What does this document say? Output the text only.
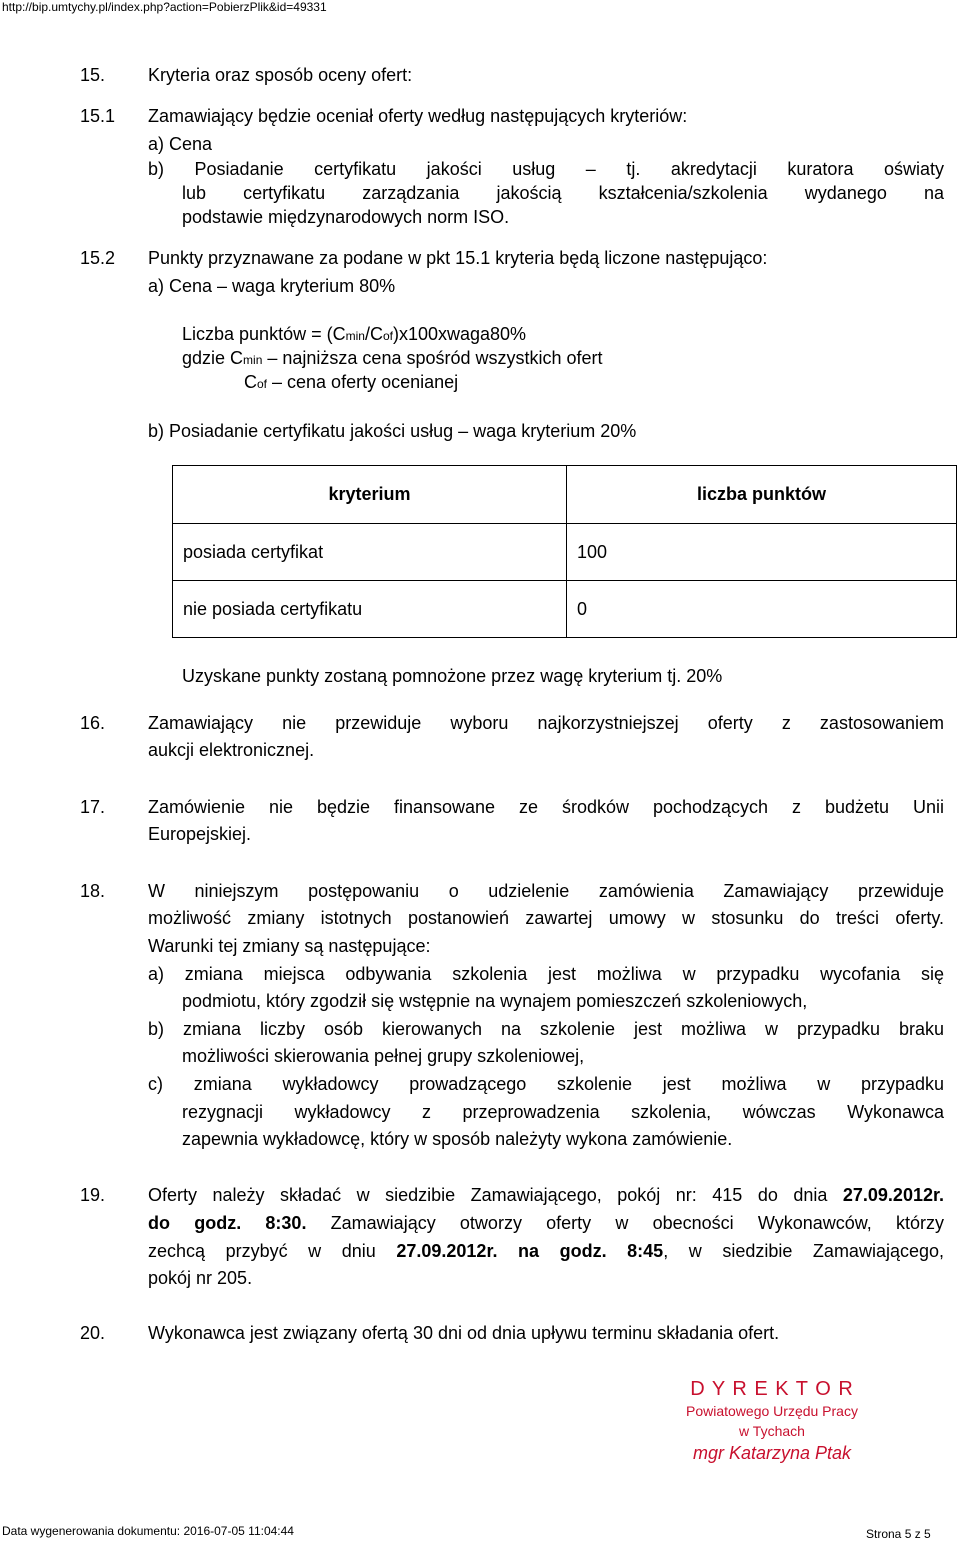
http://bip.umtychy.pl/index.php?action=PobierzPlik&id=49331
15. Kryteria oraz sposób oceny ofert:
15.1 Zamawiający będzie oceniał oferty według następujących kryteriów:
a) Cena
b) Posiadanie certyfikatu jakości usług – tj. akredytacji kuratora oświaty
lub certyfikatu zarządzania jakością kształcenia/szkolenia wydanego na
podstawie międzynarodowych norm ISO.
15.2 Punkty przyznawane za podane w pkt 15.1 kryteria będą liczone następująco:
a) Cena – waga kryterium 80%
Liczba punktów = (Cmin/Cof)x100xwaga80%
gdzie Cmin – najniższa cena spośród wszystkich ofert
Cof – cena oferty ocenianej
b) Posiadanie certyfikatu jakości usług – waga kryterium 20%
kryterium	liczba punktów
posiada certyfikat	100
nie posiada certyfikatu	0
Uzyskane punkty zostaną pomnożone przez wagę kryterium tj. 20%
16. Zamawiający nie przewiduje wyboru najkorzystniejszej oferty z zastosowaniem
aukcji elektronicznej.
17. Zamówienie nie będzie finansowane ze środków pochodzących z budżetu Unii
Europejskiej.
18. W niniejszym postępowaniu o udzielenie zamówienia Zamawiający przewiduje
możliwość zmiany istotnych postanowień zawartej umowy w stosunku do treści oferty.
Warunki tej zmiany są następujące:
a) zmiana miejsca odbywania szkolenia jest możliwa w przypadku wycofania się
podmiotu, który zgodził się wstępnie na wynajem pomieszczeń szkoleniowych,
b) zmiana liczby osób kierowanych na szkolenie jest możliwa w przypadku braku
możliwości skierowania pełnej grupy szkoleniowej,
c) zmiana wykładowcy prowadzącego szkolenie jest możliwa w przypadku
rezygnacji wykładowcy z przeprowadzenia szkolenia, wówczas Wykonawca
zapewnia wykładowcę, który w sposób należyty wykona zamówienie.
19. Oferty należy składać w siedzibie Zamawiającego, pokój nr: 415 do dnia 27.09.2012r.
do godz. 8:30. Zamawiający otworzy oferty w obecności Wykonawców, którzy
zechcą przybyć w dniu 27.09.2012r. na godz. 8:45, w siedzibie Zamawiającego,
pokój nr 205.
20. Wykonawca jest związany ofertą 30 dni od dnia upływu terminu składania ofert.
D Y R E K T O R
Powiatowego Urzędu Pracy
w Tychach
mgr Katarzyna Ptak
Data wygenerowania dokumentu: 2016-07-05 11:04:44	Strona 5 z 5
